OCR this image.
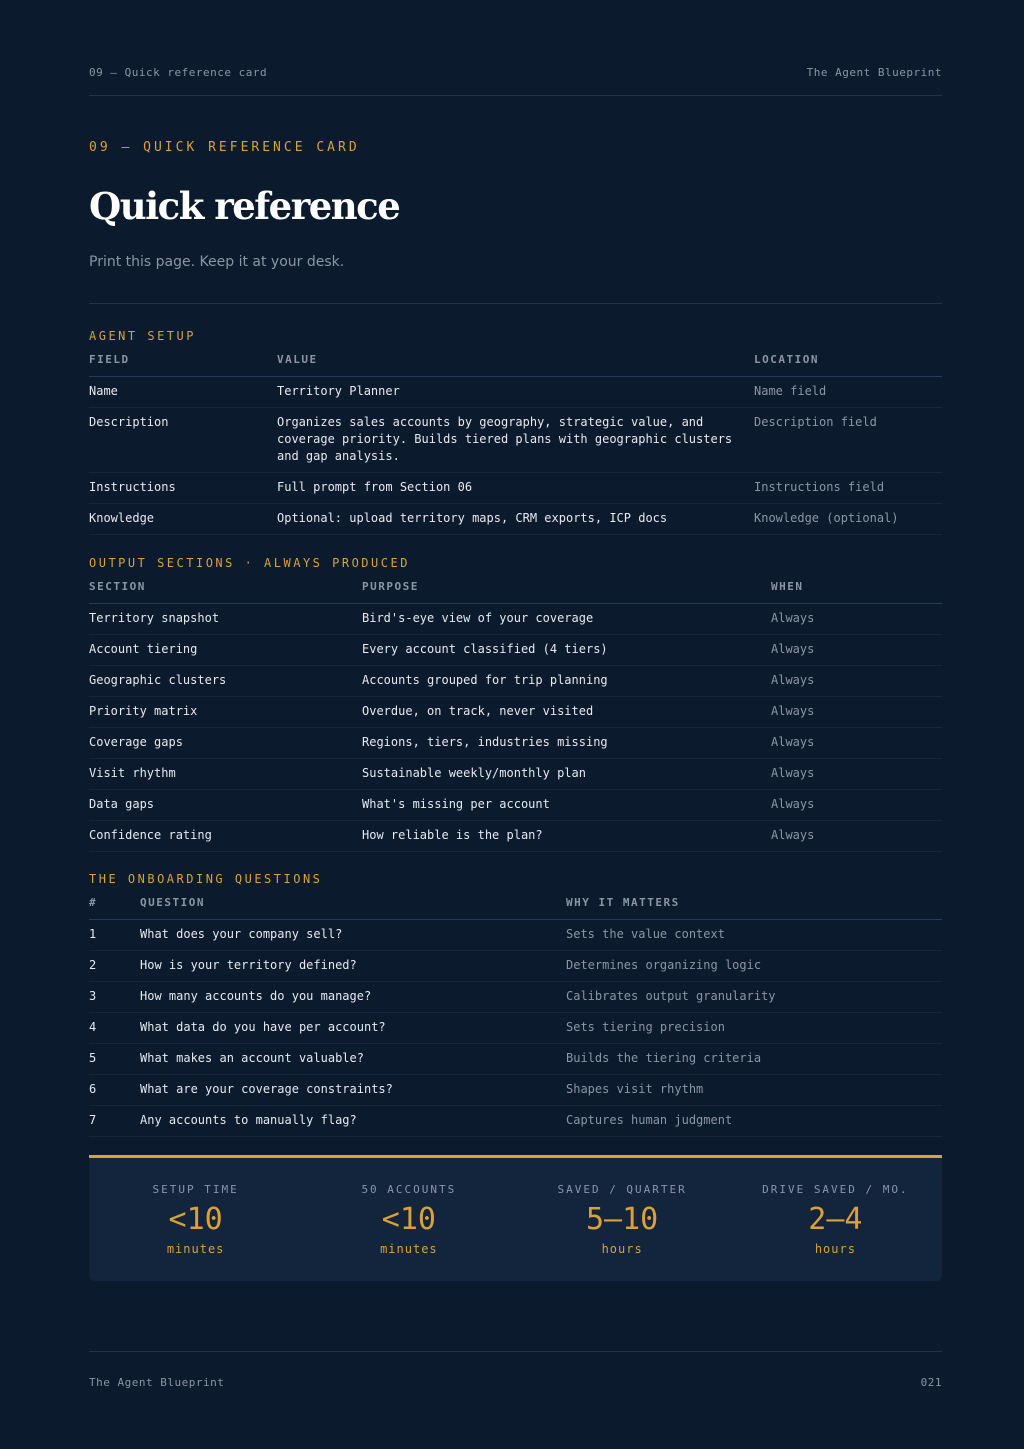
09 — Quick reference card	The Agent Blueprint
09 — QUICK REFERENCE CARD
Quick reference
Print this page. Keep it at your desk.
AGENT SETUP
FIELD	VALUE	LOCATION
Name	Territory Planner	Name field
Description	Organizes sales accounts by geography, strategic value, and coverage priority. Builds tiered plans with geographic clusters and gap analysis.	Description field
Instructions	Full prompt from Section 06	Instructions field
Knowledge	Optional: upload territory maps, CRM exports, ICP docs	Knowledge (optional)
OUTPUT SECTIONS · ALWAYS PRODUCED
SECTION	PURPOSE	WHEN
Territory snapshot	Bird's-eye view of your coverage	Always
Account tiering	Every account classified (4 tiers)	Always
Geographic clusters	Accounts grouped for trip planning	Always
Priority matrix	Overdue, on track, never visited	Always
Coverage gaps	Regions, tiers, industries missing	Always
Visit rhythm	Sustainable weekly/monthly plan	Always
Data gaps	What's missing per account	Always
Confidence rating	How reliable is the plan?	Always
THE ONBOARDING QUESTIONS
#	QUESTION	WHY IT MATTERS
1	What does your company sell?	Sets the value context
2	How is your territory defined?	Determines organizing logic
3	How many accounts do you manage?	Calibrates output granularity
4	What data do you have per account?	Sets tiering precision
5	What makes an account valuable?	Builds the tiering criteria
6	What are your coverage constraints?	Shapes visit rhythm
7	Any accounts to manually flag?	Captures human judgment
SETUP TIME
<10
minutes
50 ACCOUNTS
<10
minutes
SAVED / QUARTER
5–10
hours
DRIVE SAVED / MO.
2–4
hours
The Agent Blueprint	021
